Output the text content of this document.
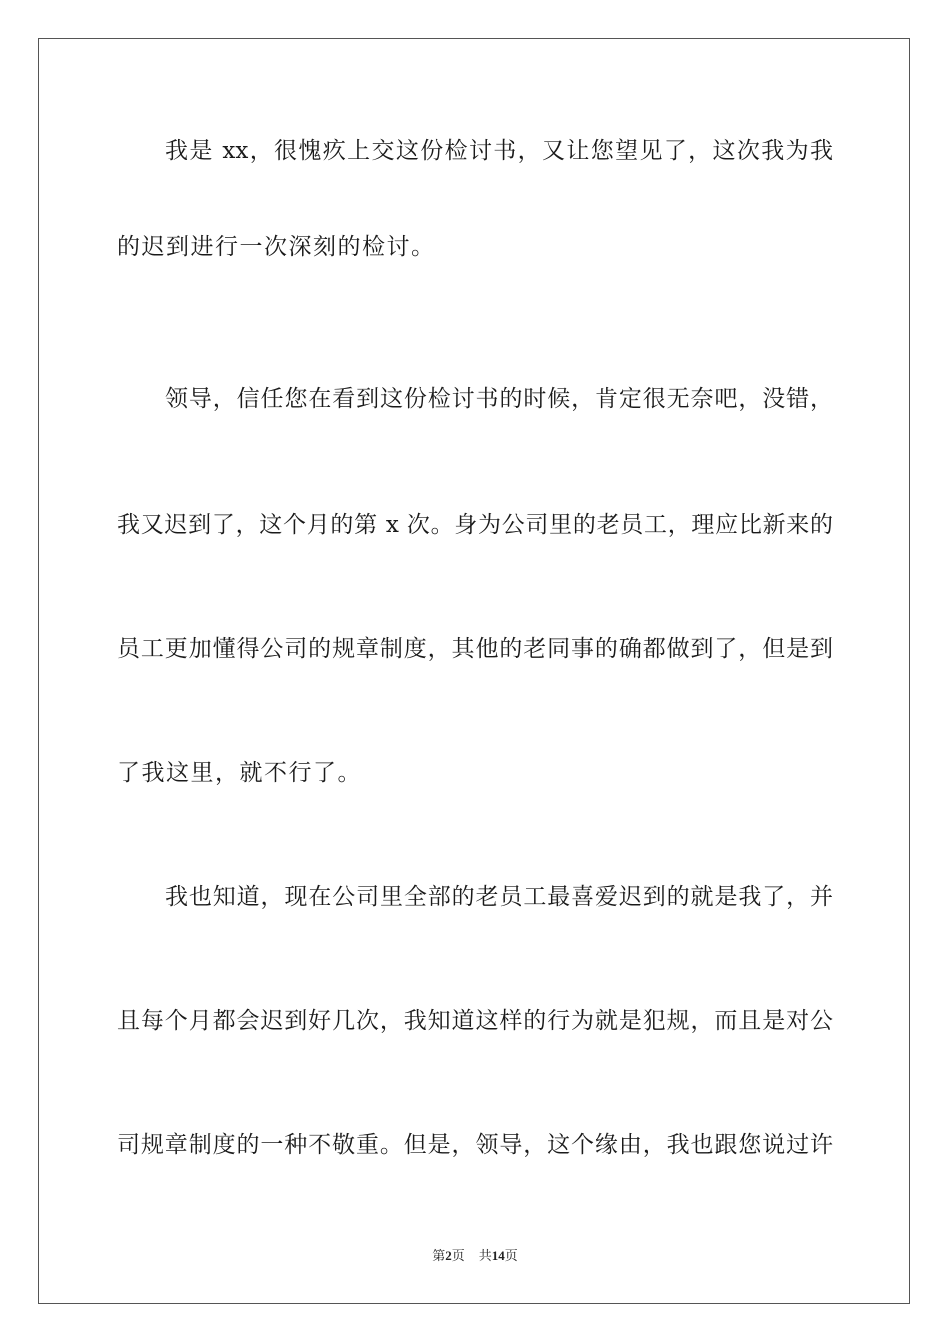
我是 xx，很愧疚上交这份检讨书，又让您望见了，这次我为我
的迟到进行一次深刻的检讨。
领导，信任您在看到这份检讨书的时候，肯定很无奈吧，没错，
我又迟到了，这个月的第 x 次。身为公司里的老员工，理应比新来的
员工更加懂得公司的规章制度，其他的老同事的确都做到了，但是到
了我这里，就不行了。
我也知道，现在公司里全部的老员工最喜爱迟到的就是我了，并
且每个月都会迟到好几次，我知道这样的行为就是犯规，而且是对公
司规章制度的一种不敬重。但是，领导，这个缘由，我也跟您说过许
第2页 共14页
